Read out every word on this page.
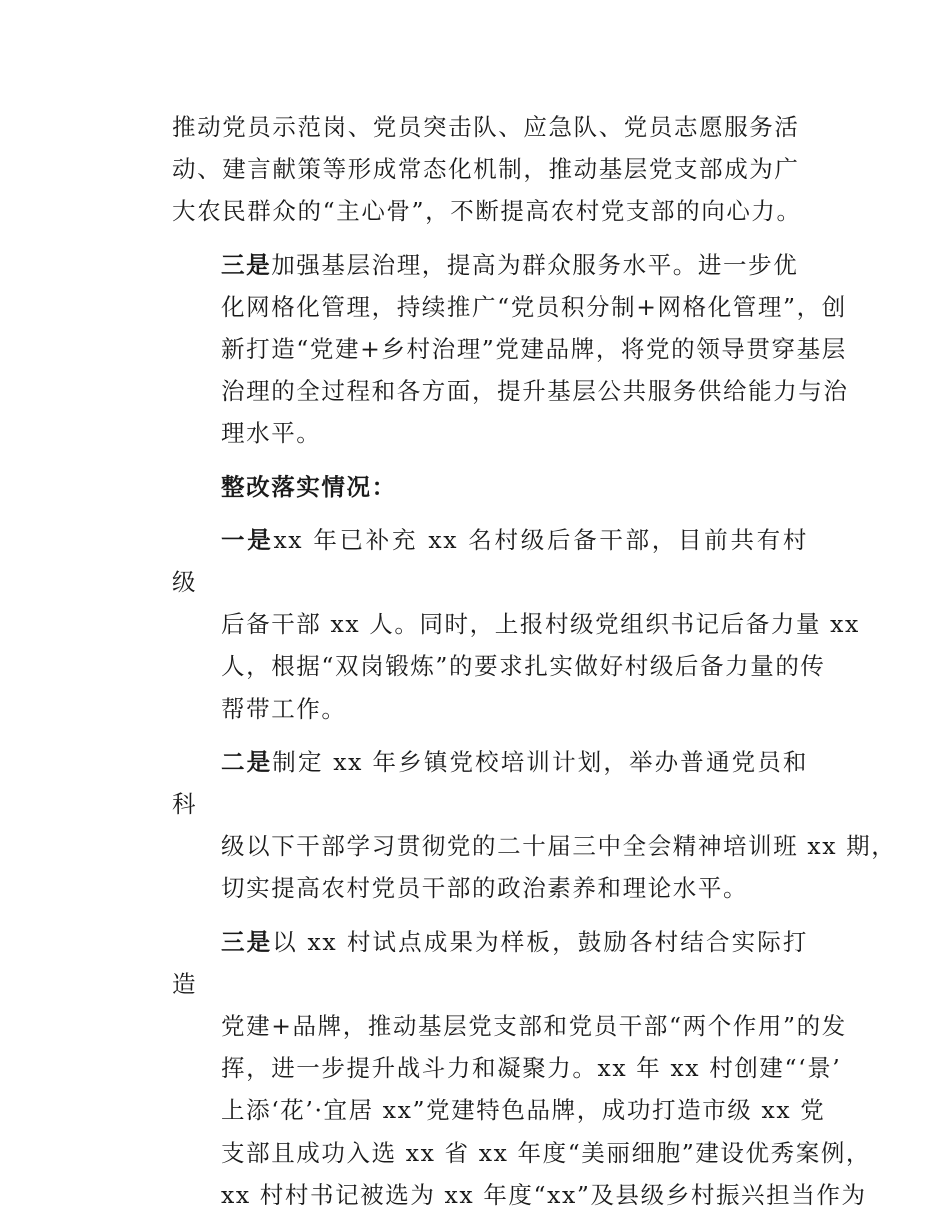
推动党员示范岗、党员突击队、应急队、党员志愿服务活
动、建言献策等形成常态化机制，推动基层党支部成为广
大农民群众的“主心骨”，不断提高农村党支部的向心力。

三是加强基层治理，提高为群众服务水平。进一步优
化网格化管理，持续推广“党员积分制+网格化管理”，创
新打造“党建+乡村治理”党建品牌，将党的领导贯穿基层
治理的全过程和各方面，提升基层公共服务供给能力与治
理水平。

整改落实情况：

一是xx 年已补充 xx 名村级后备干部，目前共有村级
后备干部 xx 人。同时，上报村级党组织书记后备力量 xx
人，根据“双岗锻炼”的要求扎实做好村级后备力量的传
帮带工作。

二是制定 xx 年乡镇党校培训计划，举办普通党员和科
级以下干部学习贯彻党的二十届三中全会精神培训班 xx 期，
切实提高农村党员干部的政治素养和理论水平。

三是以 xx 村试点成果为样板，鼓励各村结合实际打造
党建+品牌，推动基层党支部和党员干部“两个作用”的发
挥，进一步提升战斗力和凝聚力。xx 年 xx 村创建“‘景’
上添‘花’·宜居 xx”党建特色品牌，成功打造市级 xx 党
支部且成功入选 xx 省 xx 年度“美丽细胞”建设优秀案例，
xx 村村书记被选为 xx 年度“xx”及县级乡村振兴担当作为
